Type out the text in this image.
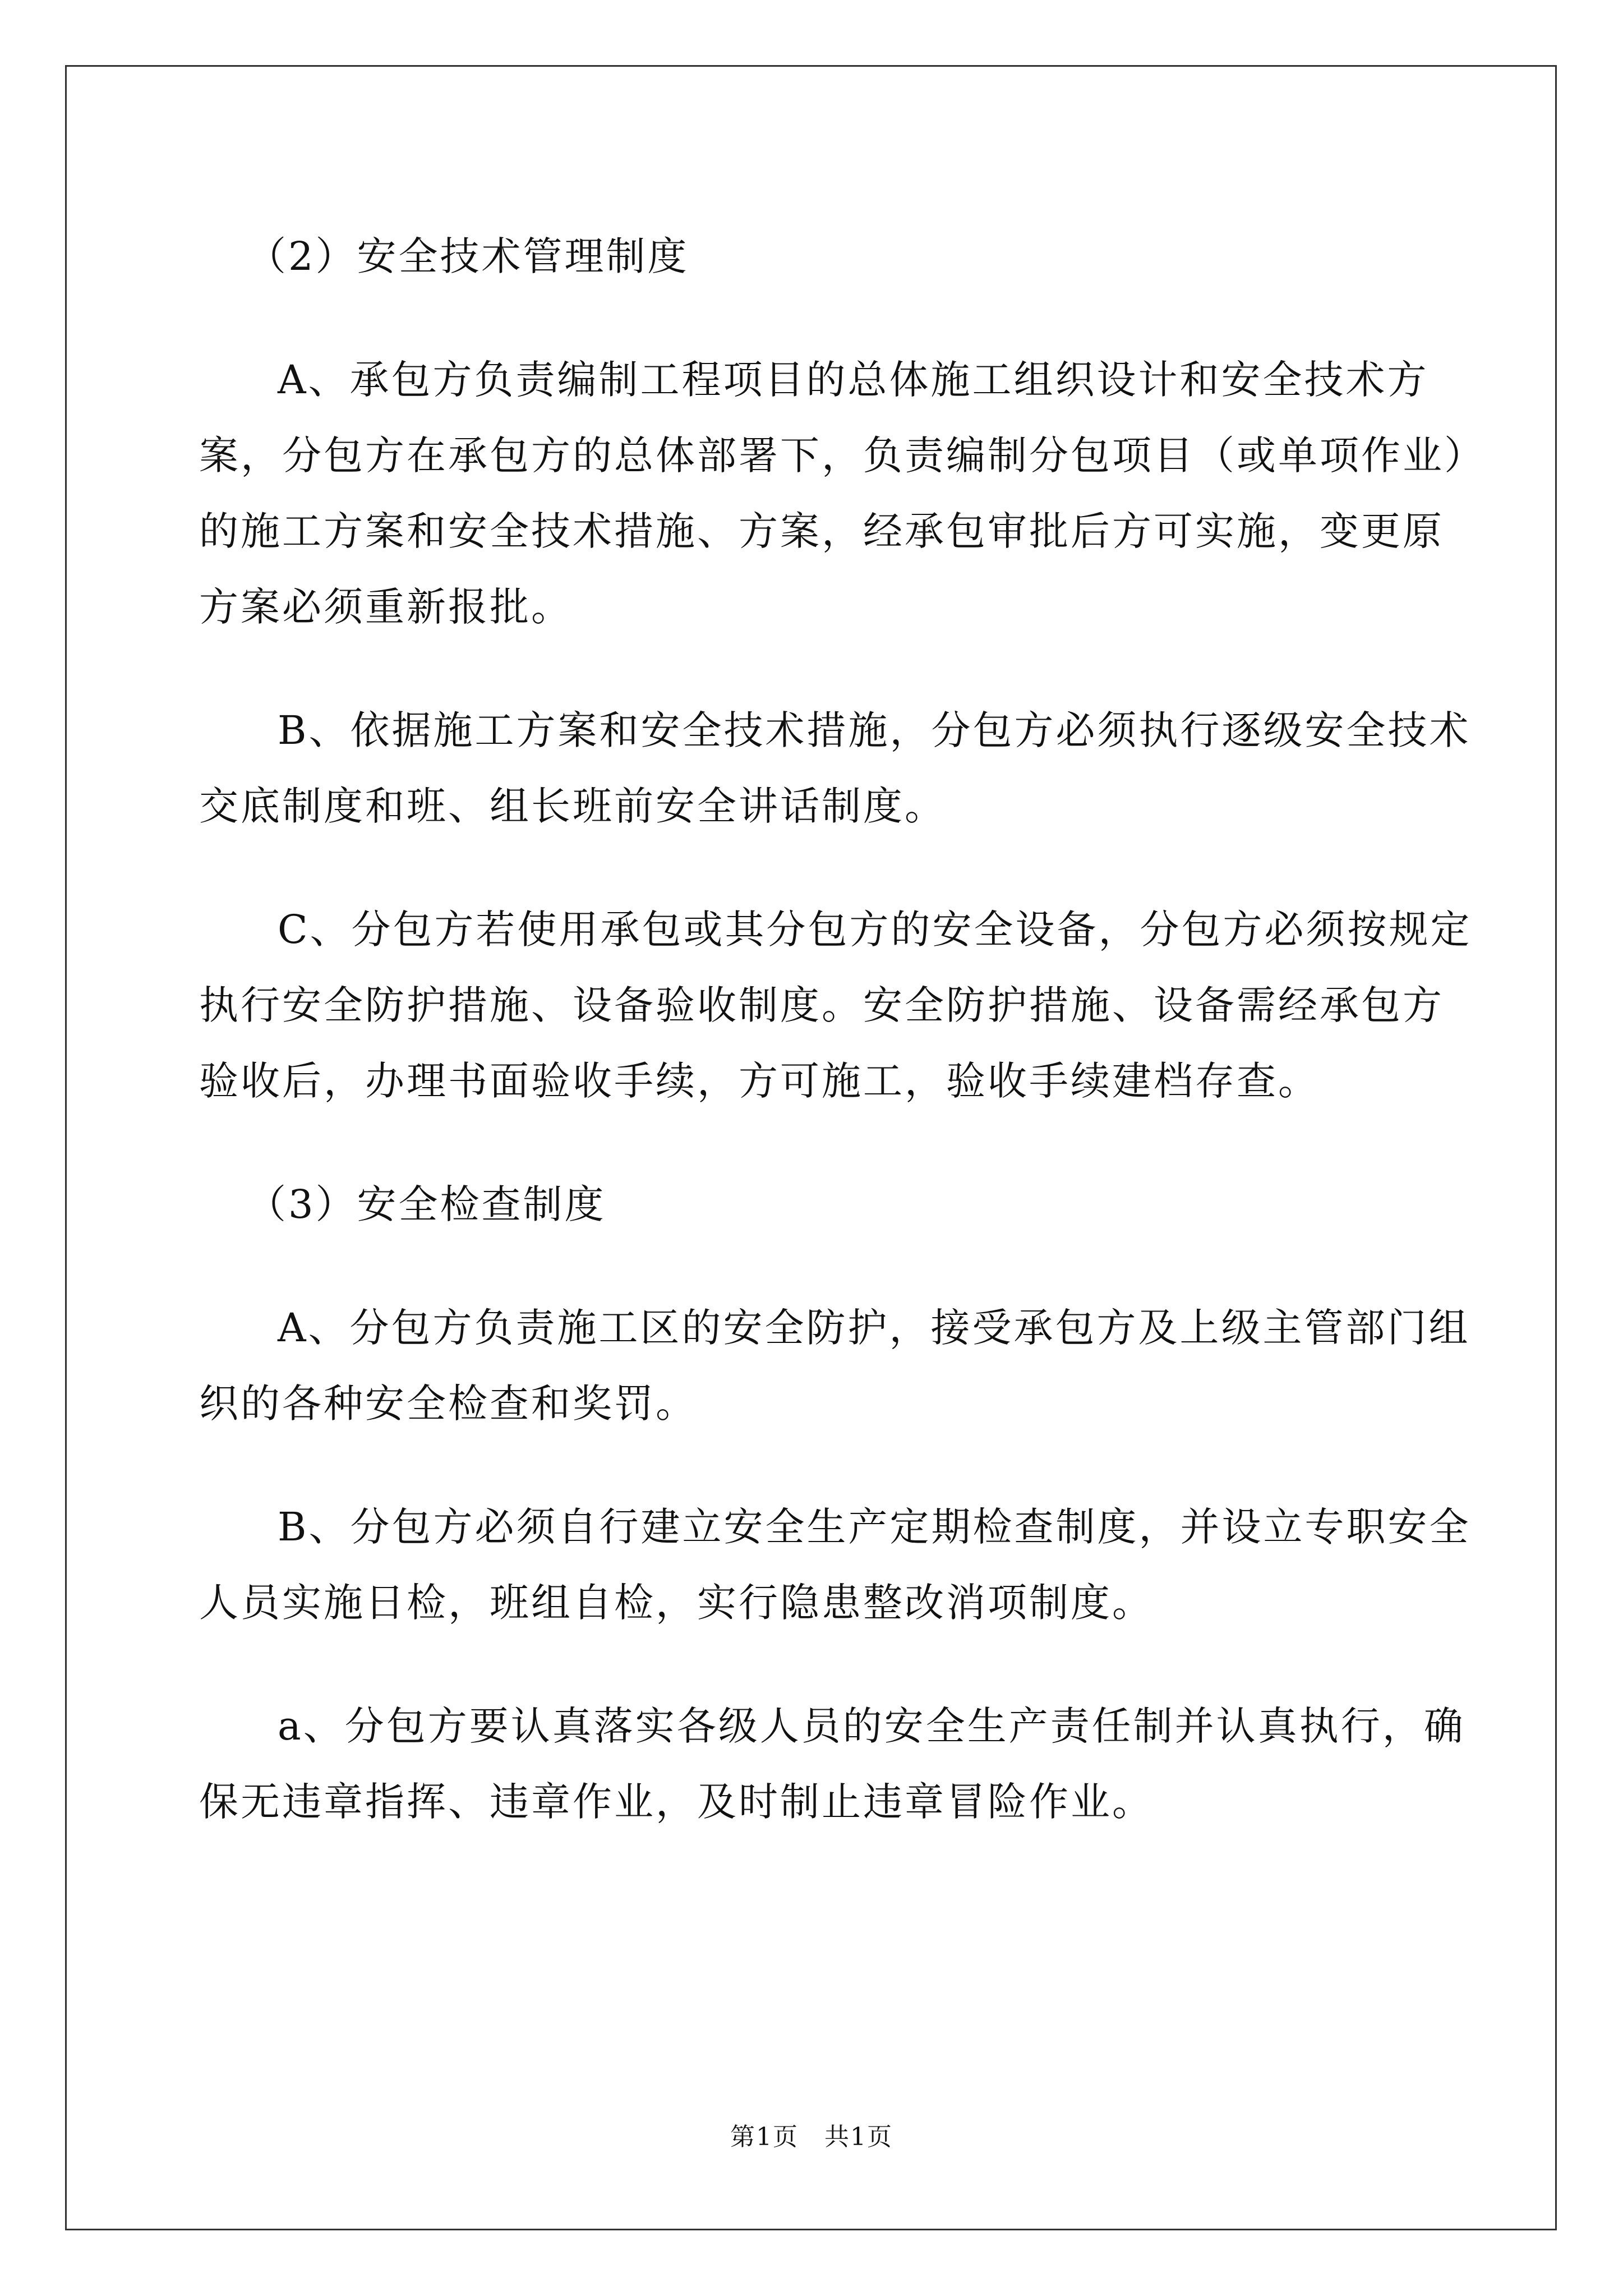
（2）安全技术管理制度

A、承包方负责编制工程项目的总体施工组织设计和安全技术方案，分包方在承包方的总体部署下，负责编制分包项目（或单项作业）的施工方案和安全技术措施、方案，经承包审批后方可实施，变更原方案必须重新报批。

B、依据施工方案和安全技术措施，分包方必须执行逐级安全技术交底制度和班、组长班前安全讲话制度。

C、分包方若使用承包或其分包方的安全设备，分包方必须按规定执行安全防护措施、设备验收制度。安全防护措施、设备需经承包方验收后，办理书面验收手续，方可施工，验收手续建档存查。

（3）安全检查制度

A、分包方负责施工区的安全防护，接受承包方及上级主管部门组织的各种安全检查和奖罚。

B、分包方必须自行建立安全生产定期检查制度，并设立专职安全人员实施日检，班组自检，实行隐患整改消项制度。

a、分包方要认真落实各级人员的安全生产责任制并认真执行，确保无违章指挥、违章作业，及时制止违章冒险作业。

第1页　共1页
